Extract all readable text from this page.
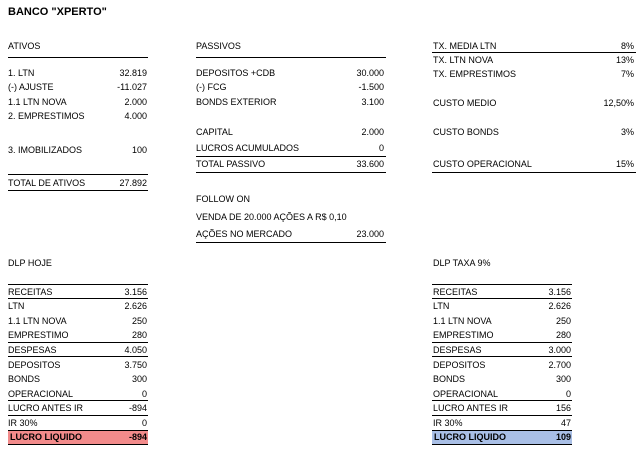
BANCO "XPERTO"
ATIVOS
1. LTN	32.819
(-) AJUSTE	-11.027
1.1 LTN NOVA	2.000
2. EMPRESTIMOS	4.000
3. IMOBILIZADOS	100
TOTAL DE ATIVOS	27.892
PASSIVOS
DEPOSITOS +CDB	30.000
(-) FCG	-1.500
BONDS EXTERIOR	3.100
CAPITAL	2.000
LUCROS ACUMULADOS	0
TOTAL PASSIVO	33.600
FOLLOW ON
VENDA DE 20.000 AÇÕES A R$ 0,10
AÇÕES NO MERCADO	23.000
TX. MEDIA LTN	8%
TX. LTN NOVA	13%
TX. EMPRESTIMOS	7%
CUSTO MEDIO	12,50%
CUSTO BONDS	3%
CUSTO OPERACIONAL	15%
DLP HOJE
RECEITAS	3.156
LTN	2.626
1.1 LTN NOVA	250
EMPRESTIMO	280
DESPESAS	4.050
DEPOSITOS	3.750
BONDS	300
OPERACIONAL	0
LUCRO ANTES IR	-894
IR 30%	0
LUCRO LIQUIDO	-894
DLP TAXA 9%
RECEITAS	3.156
LTN	2.626
1.1 LTN NOVA	250
EMPRESTIMO	280
DESPESAS	3.000
DEPOSITOS	2.700
BONDS	300
OPERACIONAL	0
LUCRO ANTES IR	156
IR 30%	47
LUCRO LIQUIDO	109
